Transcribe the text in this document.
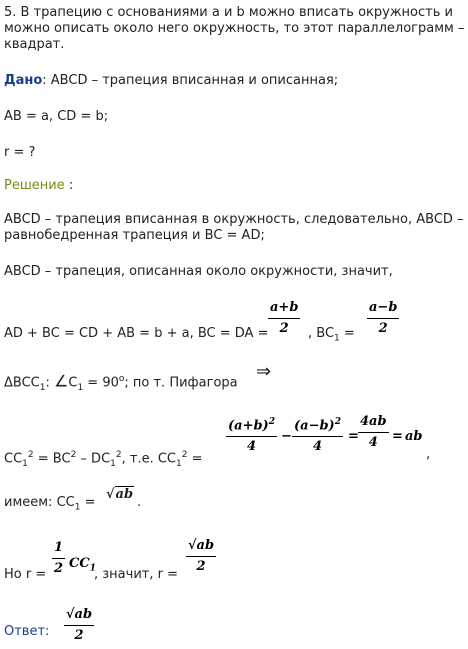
5. В трапецию с основаниями a и b можно вписать окружность и
можно описать около него окружность, то этот параллелограмм –
квадрат.
Дано: ABCD – трапеция вписанная и описанная;
AB = a, CD = b;
r = ?
Решение :
ABCD – трапеция вписанная в окружность, следовательно, ABCD –
равнобедренная трапеция и BC = AD;
ABCD – трапеция, описанная около окружности, значит,
AD + BC = CD + AB = b + a, BC = DA =
a+b
2 , $BC_1$ =
a−b
2
$\Delta BCC_1$: $\angle C_1 = 90^o$; по т. Пифагора
⇒
$CC_1^2 = BC^2 - DC_1^2$, т.е. $CC_1^2$ =
$(a+b)^2$
4
−
$(a-b)^2$
4
=
4ab
4 = ab
,
имеем: $CC_1$ =
√ab
.
Но r =
1
2 $CC_1$
, значит, r =
√ab
2
Ответ:
√ab
2
